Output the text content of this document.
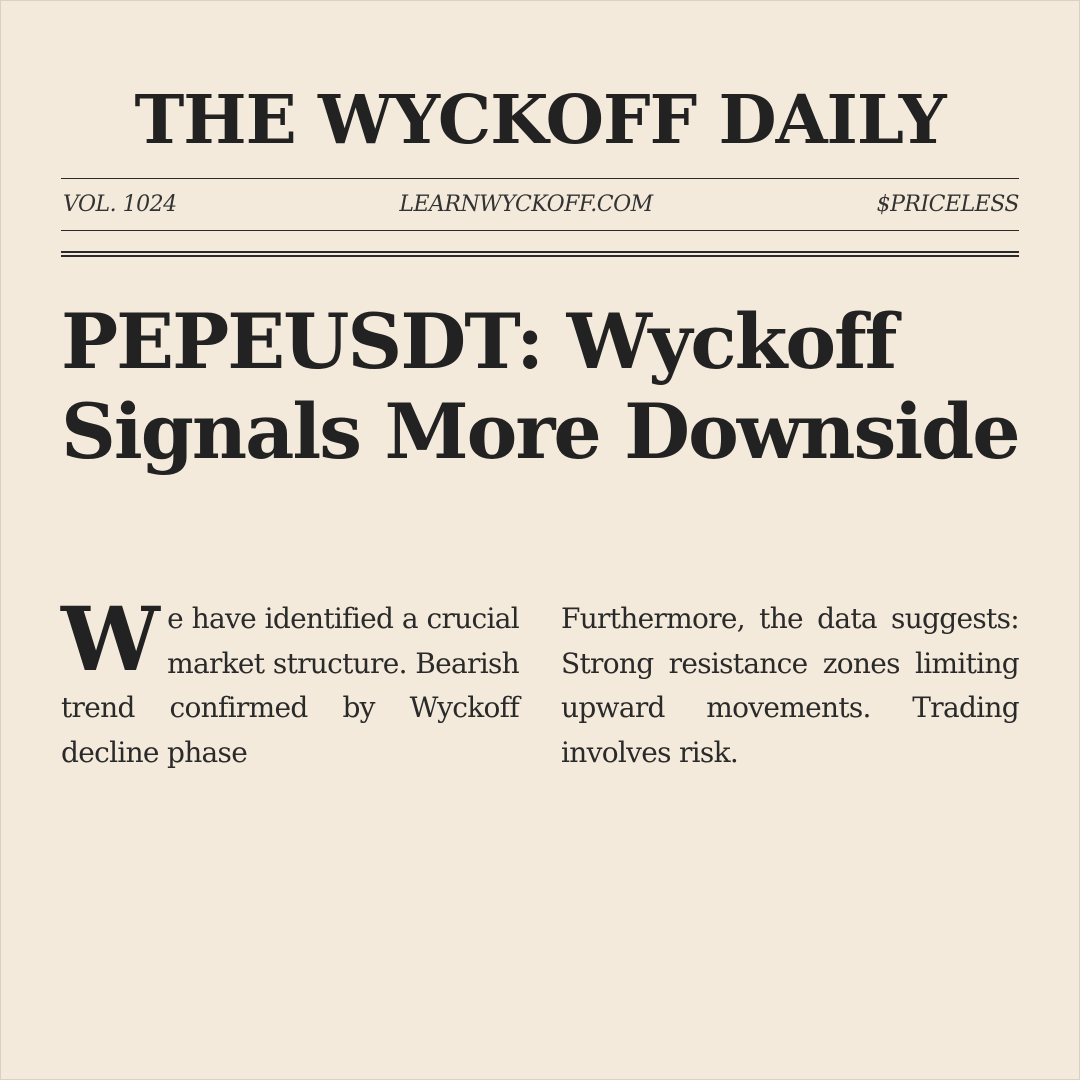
THE WYCKOFF DAILY
VOL. 1024	LEARNWYCKOFF.COM	$PRICELESS
PEPEUSDT: Wyckoff Signals More Downside
We have identified a crucial market structure. Bearish trend confirmed by Wyckoff decline phase
Furthermore, the data suggests: Strong resistance zones limiting upward movements. Trading involves risk.
